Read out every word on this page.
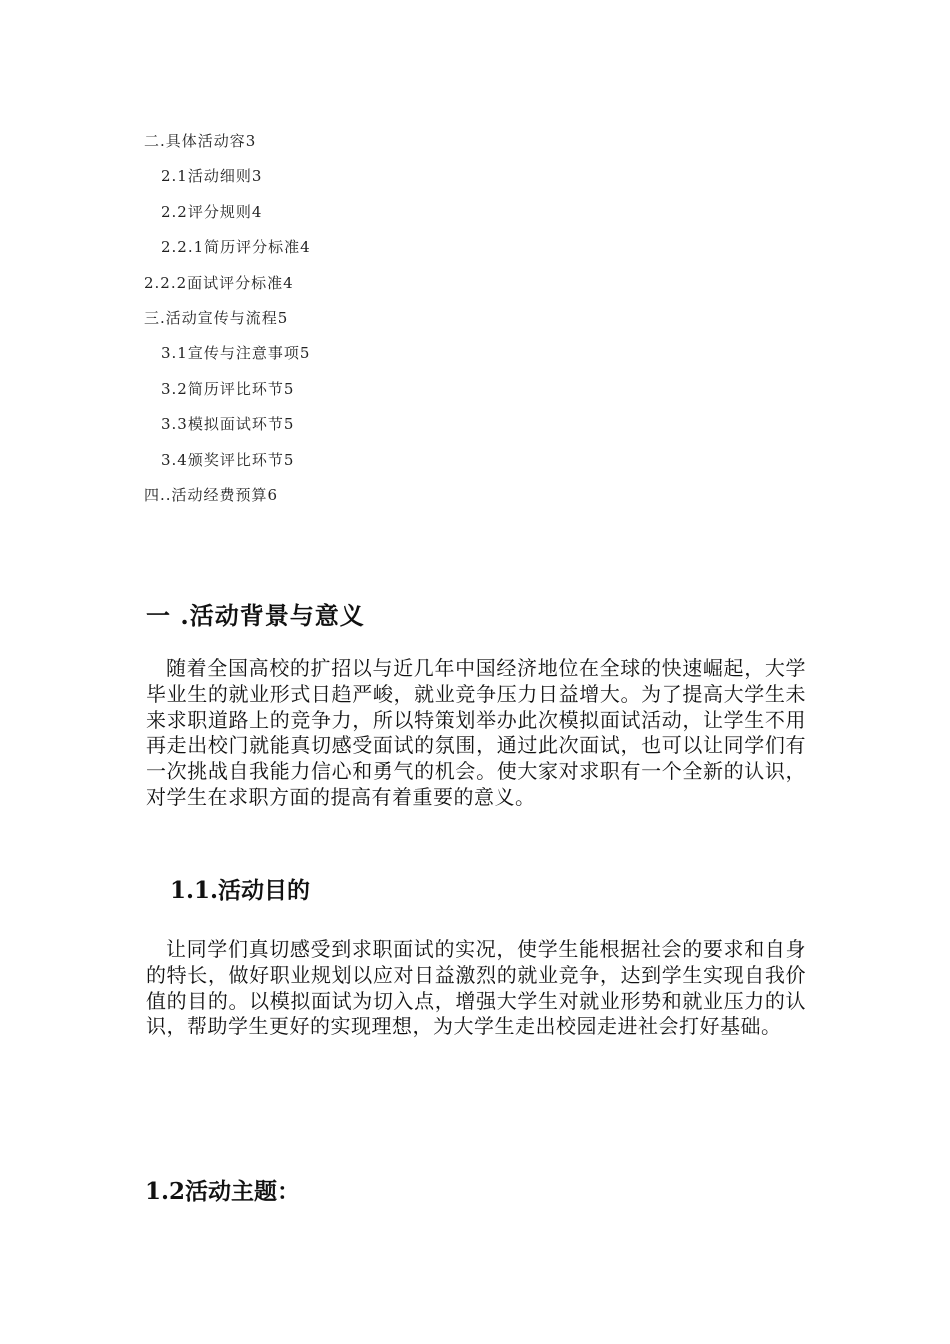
二.具体活动容3
2.1活动细则3
2.2评分规则4
2.2.1简历评分标准4
2.2.2面试评分标准4
三.活动宣传与流程5
3.1宣传与注意事项5
3.2简历评比环节5
3.3模拟面试环节5
3.4颁奖评比环节5
四..活动经费预算6
一 .活动背景与意义
随着全国高校的扩招以与近几年中国经济地位在全球的快速崛起，大学毕业生的就业形式日趋严峻，就业竞争压力日益增大。为了提高大学生未来求职道路上的竞争力，所以特策划举办此次模拟面试活动，让学生不用再走出校门就能真切感受面试的氛围，通过此次面试，也可以让同学们有一次挑战自我能力信心和勇气的机会。使大家对求职有一个全新的认识，对学生在求职方面的提高有着重要的意义。
1.1.活动目的
让同学们真切感受到求职面试的实况，使学生能根据社会的要求和自身的特长，做好职业规划以应对日益激烈的就业竞争，达到学生实现自我价值的目的。以模拟面试为切入点，增强大学生对就业形势和就业压力的认识，帮助学生更好的实现理想，为大学生走出校园走进社会打好基础。
1.2活动主题：
